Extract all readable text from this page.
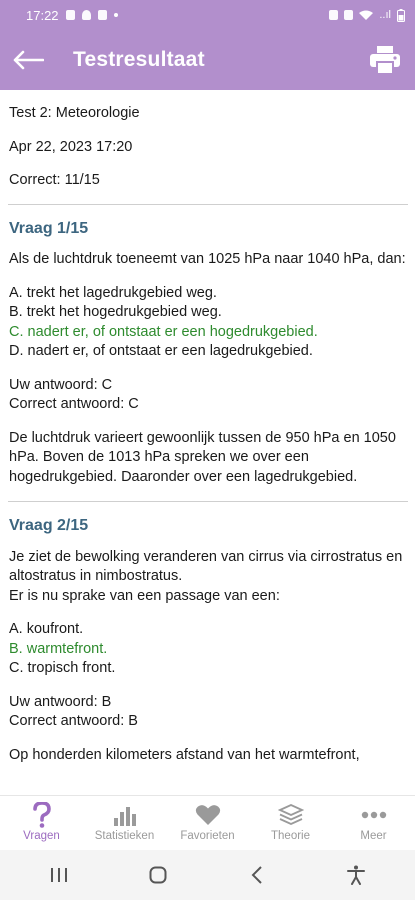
17:22	..ıl
Testresultaat
Test 2: Meteorologie
Apr 22, 2023 17:20
Correct: 11/15
Vraag 1/15
Als de luchtdruk toeneemt van 1025 hPa naar 1040 hPa, dan:
A. trekt het lagedrukgebied weg.
B. trekt het hogedrukgebied weg.
C. nadert er, of ontstaat er een hogedrukgebied.
D. nadert er, of ontstaat er een lagedrukgebied.
Uw antwoord: C
Correct antwoord: C
De luchtdruk varieert gewoonlijk tussen de 950 hPa en 1050 hPa. Boven de 1013 hPa spreken we over een hogedrukgebied. Daaronder over een lagedrukgebied.
Vraag 2/15
Je ziet de bewolking veranderen van cirrus via cirrostratus en altostratus in nimbostratus.
Er is nu sprake van een passage van een:
A. koufront.
B. warmtefront.
C. tropisch front.
Uw antwoord: B
Correct antwoord: B
Op honderden kilometers afstand van het warmtefront,
Vragen	Statistieken Favorieten	Theorie	Meer
